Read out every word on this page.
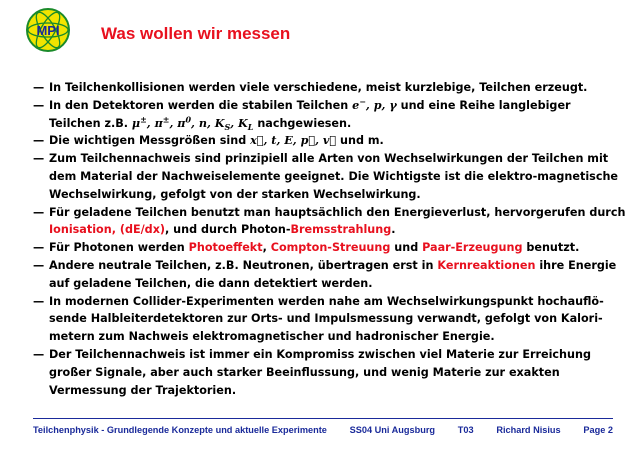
MPI Was wollen wir messen
— In Teilchenkollisionen werden viele verschiedene, meist kurzlebige, Teilchen erzeugt.
— In den Detektoren werden die stabilen Teilchen e−, p, γ und eine Reihe langlebiger
Teilchen z.B. μ±, π±, $\pi^0$, n, $K_S$, $K_L$ nachgewiesen.
— Die wichtigen Messgrößen sind x⃗, t, E, p⃗, v⃗ und m.
— Zum Teilchennachweis sind prinzipiell alle Arten von Wechselwirkungen der Teilchen mit
dem Material der Nachweiselemente geeignet. Die Wichtigste ist die elektro-magnetische
Wechselwirkung, gefolgt von der starken Wechselwirkung.
— Für geladene Teilchen benutzt man hauptsächlich den Energieverlust, hervorgerufen durch
Ionisation, (dE/dx), und durch Photon-Bremsstrahlung.
— Für Photonen werden Photoeffekt, Compton-Streuung und Paar-Erzeugung benutzt.
— Andere neutrale Teilchen, z.B. Neutronen, übertragen erst in Kernreaktionen ihre Energie
auf geladene Teilchen, die dann detektiert werden.
— In modernen Collider-Experimenten werden nahe am Wechselwirkungspunkt hochauflö-
sende Halbleiterdetektoren zur Orts- und Impulsmessung verwandt, gefolgt von Kalori-
metern zum Nachweis elektromagnetischer und hadronischer Energie.
— Der Teilchennachweis ist immer ein Kompromiss zwischen viel Materie zur Erreichung
großer Signale, aber auch starker Beeinflussung, und wenig Materie zur exakten
Vermessung der Trajektorien.
Teilchenphysik - Grundlegende Konzepte und aktuelle Experimente SS04 Uni Augsburg T03 Richard Nisius Page 2
